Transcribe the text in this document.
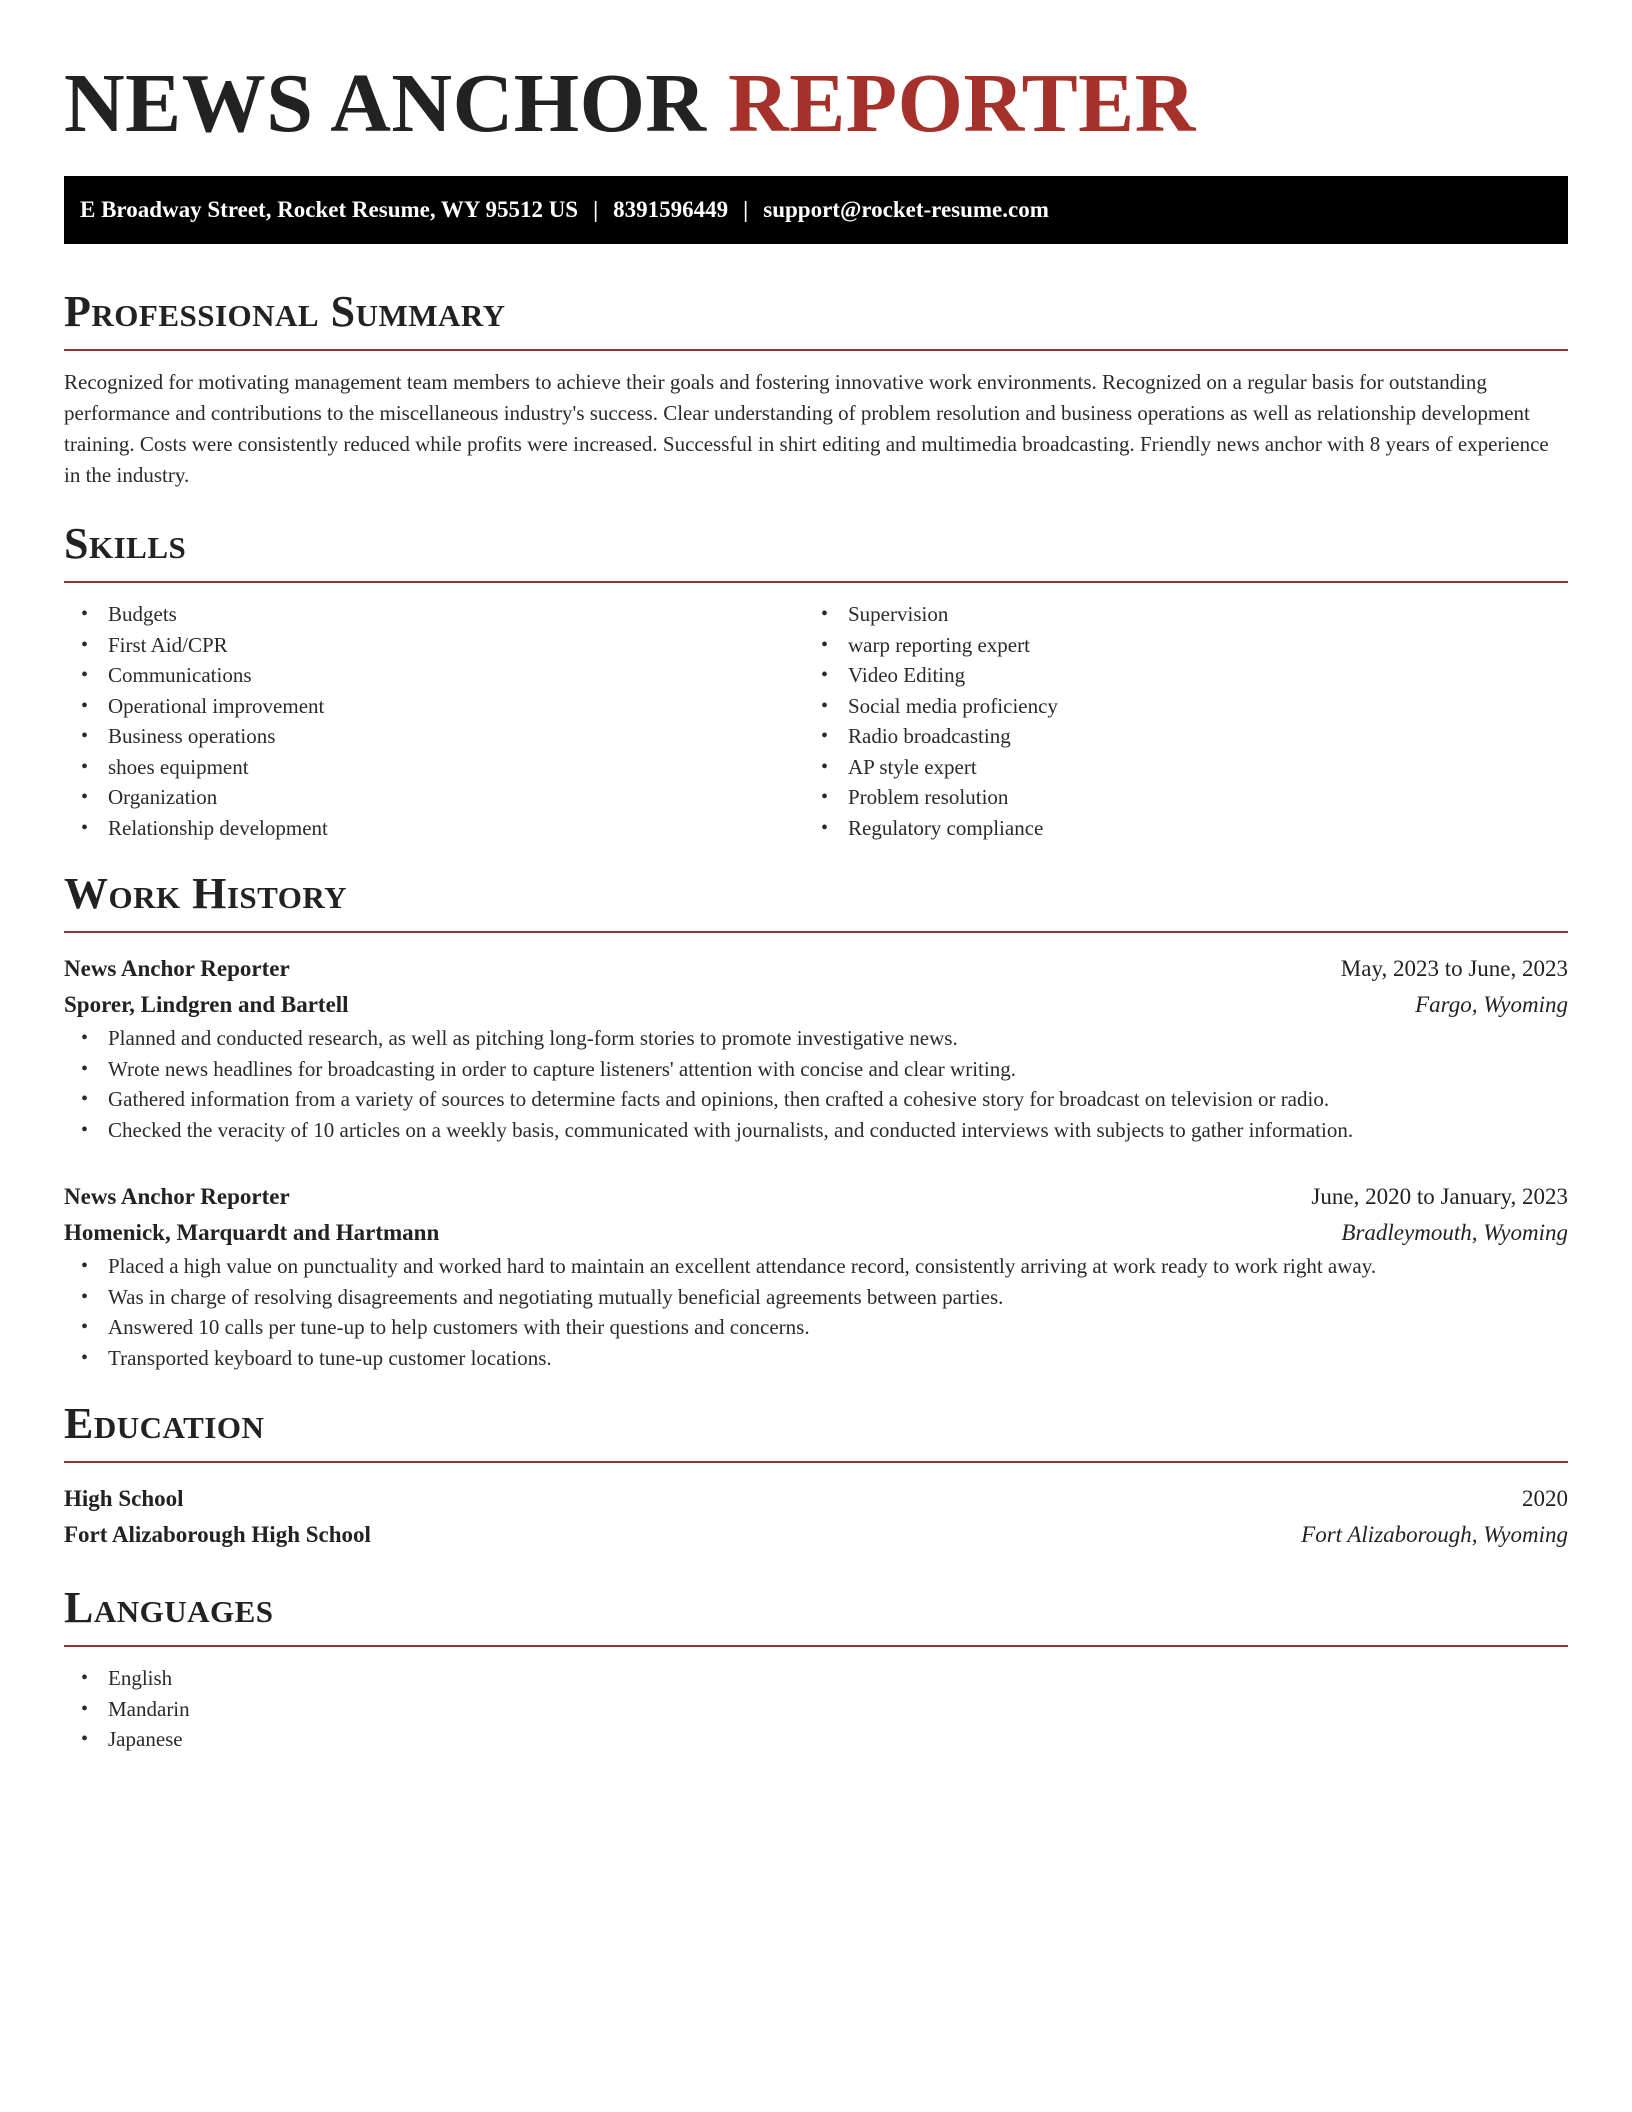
NEWS ANCHOR REPORTER
E Broadway Street, Rocket Resume, WY 95512 US | 8391596449 | support@rocket-resume.com
Professional Summary

Recognized for motivating management team members to achieve their goals and fostering innovative work environments. Recognized on a regular basis for outstanding performance and contributions to the miscellaneous industry's success. Clear understanding of problem resolution and business operations as well as relationship development training. Costs were consistently reduced while profits were increased. Successful in shirt editing and multimedia broadcasting. Friendly news anchor with 8 years of experience in the industry.

Skills
• Budgets
• First Aid/CPR
• Communications
• Operational improvement
• Business operations
• shoes equipment
• Organization
• Relationship development
• Supervision
• warp reporting expert
• Video Editing
• Social media proficiency
• Radio broadcasting
• AP style expert
• Problem resolution
• Regulatory compliance
Work History
News Anchor Reporter	May, 2023 to June, 2023
Sporer, Lindgren and Bartell	Fargo, Wyoming
• Planned and conducted research, as well as pitching long-form stories to promote investigative news.
• Wrote news headlines for broadcasting in order to capture listeners' attention with concise and clear writing.
• Gathered information from a variety of sources to determine facts and opinions, then crafted a cohesive story for broadcast on television or radio.
• Checked the veracity of 10 articles on a weekly basis, communicated with journalists, and conducted interviews with subjects to gather information.
News Anchor Reporter	June, 2020 to January, 2023
Homenick, Marquardt and Hartmann	Bradleymouth, Wyoming
• Placed a high value on punctuality and worked hard to maintain an excellent attendance record, consistently arriving at work ready to work right away.
• Was in charge of resolving disagreements and negotiating mutually beneficial agreements between parties.
• Answered 10 calls per tune-up to help customers with their questions and concerns.
• Transported keyboard to tune-up customer locations.
Education
High School	2020
Fort Alizaborough High School	Fort Alizaborough, Wyoming
Languages
• English
• Mandarin
• Japanese
